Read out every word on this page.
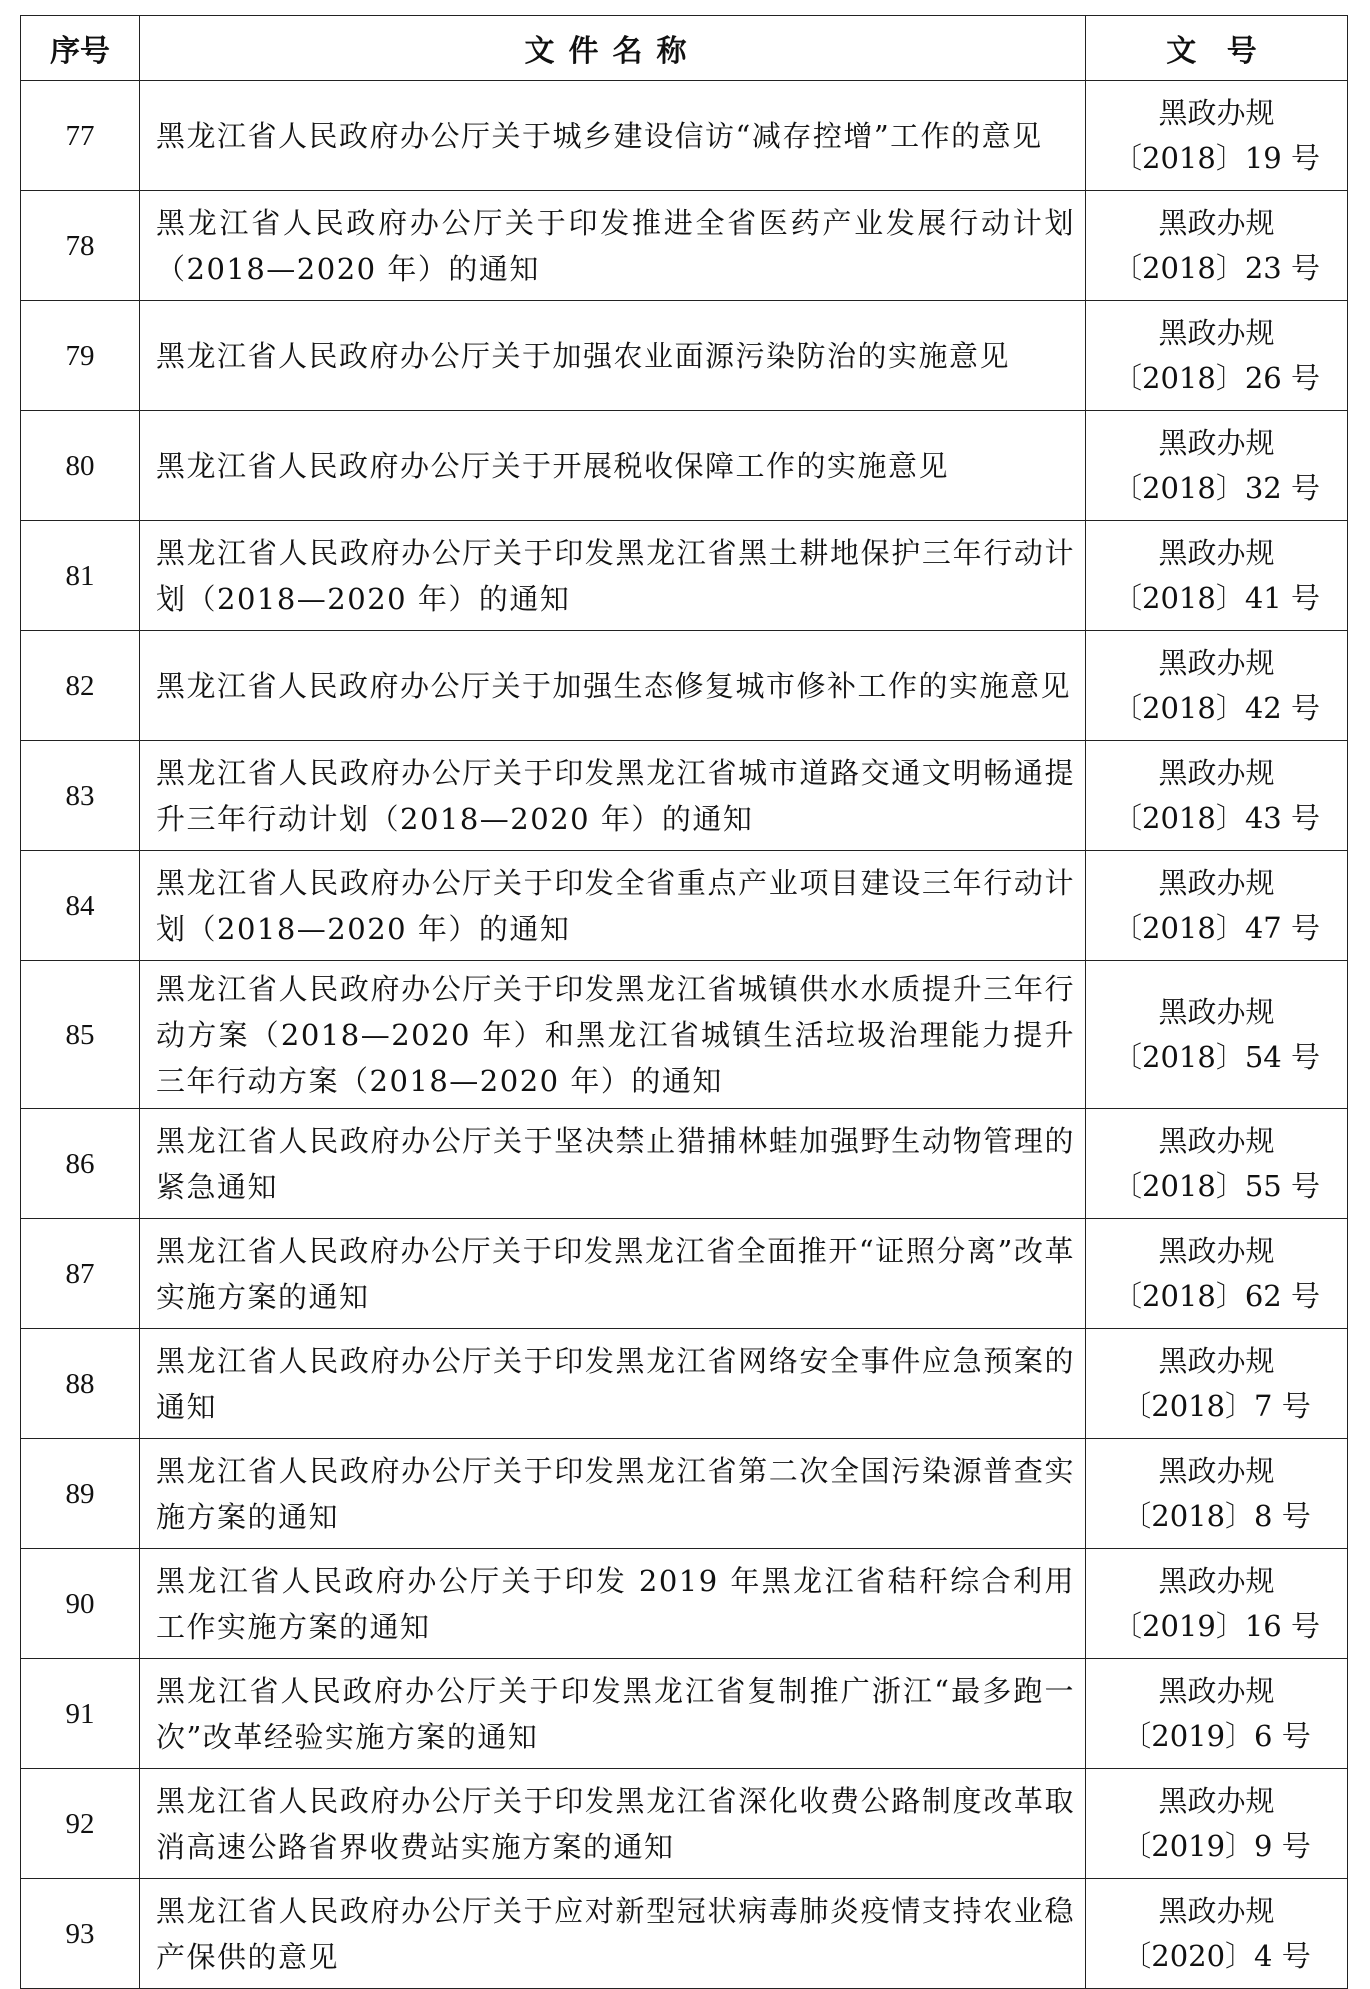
序号	文件名称	文 号
77	黑龙江省人民政府办公厅关于城乡建设信访“减存控增”工作的意见	黑政办规
〔2018〕19 号

78	黑龙江省人民政府办公厅关于印发推进全省医药产业发展行动计划（2018—2020 年）的通知	黑政办规
〔2018〕23 号

79	黑龙江省人民政府办公厅关于加强农业面源污染防治的实施意见	黑政办规
〔2018〕26 号

80	黑龙江省人民政府办公厅关于开展税收保障工作的实施意见	黑政办规
〔2018〕32 号

81	黑龙江省人民政府办公厅关于印发黑龙江省黑土耕地保护三年行动计划（2018—2020 年）的通知	黑政办规
〔2018〕41 号

82	黑龙江省人民政府办公厅关于加强生态修复城市修补工作的实施意见	黑政办规
〔2018〕42 号

83	黑龙江省人民政府办公厅关于印发黑龙江省城市道路交通文明畅通提升三年行动计划（2018—2020 年）的通知	黑政办规
〔2018〕43 号

84	黑龙江省人民政府办公厅关于印发全省重点产业项目建设三年行动计划（2018—2020 年）的通知	黑政办规
〔2018〕47 号

85	黑龙江省人民政府办公厅关于印发黑龙江省城镇供水水质提升三年行动方案（2018—2020 年）和黑龙江省城镇生活垃圾治理能力提升三年行动方案（2018—2020 年）的通知	黑政办规
〔2018〕54 号

86	黑龙江省人民政府办公厅关于坚决禁止猎捕林蛙加强野生动物管理的紧急通知	黑政办规
〔2018〕55 号

87	黑龙江省人民政府办公厅关于印发黑龙江省全面推开“证照分离”改革实施方案的通知	黑政办规
〔2018〕62 号

88	黑龙江省人民政府办公厅关于印发黑龙江省网络安全事件应急预案的通知	黑政办规
〔2018〕7 号

89	黑龙江省人民政府办公厅关于印发黑龙江省第二次全国污染源普查实施方案的通知	黑政办规
〔2018〕8 号

90	黑龙江省人民政府办公厅关于印发 2019 年黑龙江省秸秆综合利用工作实施方案的通知	黑政办规
〔2019〕16 号

91	黑龙江省人民政府办公厅关于印发黑龙江省复制推广浙江“最多跑一次”改革经验实施方案的通知	黑政办规
〔2019〕6 号

92	黑龙江省人民政府办公厅关于印发黑龙江省深化收费公路制度改革取消高速公路省界收费站实施方案的通知	黑政办规
〔2019〕9 号

93	黑龙江省人民政府办公厅关于应对新型冠状病毒肺炎疫情支持农业稳产保供的意见	黑政办规
〔2020〕4 号
